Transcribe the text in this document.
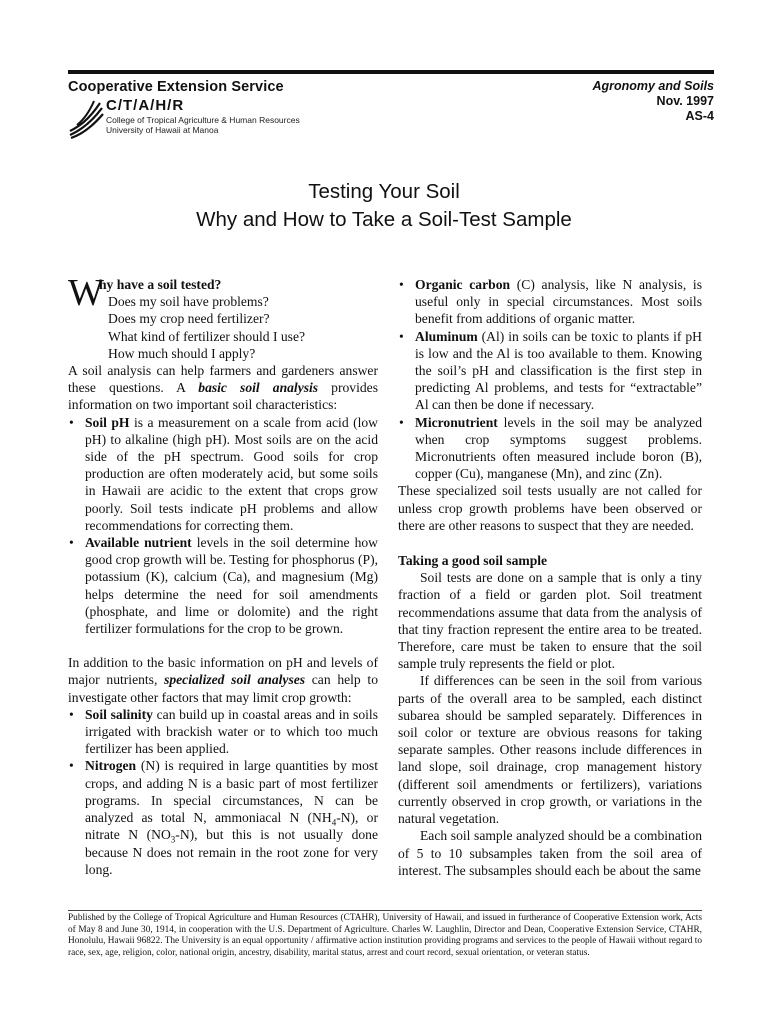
Cooperative Extension Service
C/T/A/H/R
College of Tropical Agriculture & Human Resources
University of Hawaii at Manoa
Agronomy and Soils
Nov. 1997
AS-4
Testing Your Soil
Why and How to Take a Soil-Test Sample
W
hy have a soil tested?
Does my soil have problems?
Does my crop need fertilizer?
What kind of fertilizer should I use?
How much should I apply?

A soil analysis can help farmers and gardeners answer these questions. A basic soil analysis provides information on two important soil characteristics:

• Soil pH is a measurement on a scale from acid (low pH) to alkaline (high pH). Most soils are on the acid side of the pH spectrum. Good soils for crop production are often moderately acid, but some soils in Hawaii are acidic to the extent that crops grow poorly. Soil tests indicate pH problems and allow recommendations for correcting them.
• Available nutrient levels in the soil determine how good crop growth will be. Testing for phosphorus (P), potassium (K), calcium (Ca), and magnesium (Mg) helps determine the need for soil amendments (phosphate, and lime or dolomite) and the right fertilizer formulations for the crop to be grown.

In addition to the basic information on pH and levels of major nutrients, specialized soil analyses can help to investigate other factors that may limit crop growth:

• Soil salinity can build up in coastal areas and in soils irrigated with brackish water or to which too much fertilizer has been applied.
• Nitrogen (N) is required in large quantities by most crops, and adding N is a basic part of most fertilizer programs. In special circumstances, N can be analyzed as total N, ammoniacal N $(NH_4-N)$, or nitrate N $(NO_3-N)$, but this is not usually done because N does not remain in the root zone for very long.
• Organic carbon (C) analysis, like N analysis, is useful only in special circumstances. Most soils benefit from additions of organic matter.
• Aluminum (Al) in soils can be toxic to plants if pH is low and the Al is too available to them. Knowing the soil’s pH and classification is the first step in predicting Al problems, and tests for “extractable” Al can then be done if necessary.
• Micronutrient levels in the soil may be analyzed when crop symptoms suggest problems. Micronutrients often measured include boron (B), copper (Cu), manganese (Mn), and zinc (Zn).

These specialized soil tests usually are not called for unless crop growth problems have been observed or there are other reasons to suspect that they are needed.

Taking a good soil sample

Soil tests are done on a sample that is only a tiny fraction of a field or garden plot. Soil treatment recommendations assume that data from the analysis of that tiny fraction represent the entire area to be treated. Therefore, care must be taken to ensure that the soil sample truly represents the field or plot.

If differences can be seen in the soil from various parts of the overall area to be sampled, each distinct subarea should be sampled separately. Differences in soil color or texture are obvious reasons for taking separate samples. Other reasons include differences in land slope, soil drainage, crop management history (different soil amendments or fertilizers), variations currently observed in crop growth, or variations in the natural vegetation.

Each soil sample analyzed should be a combination of 5 to 10 subsamples taken from the soil area of interest. The subsamples should each be about the same

Published by the College of Tropical Agriculture and Human Resources (CTAHR), University of Hawaii, and issued in furtherance of Cooperative Extension work, Acts of May 8 and June 30, 1914, in cooperation with the U.S. Department of Agriculture. Charles W. Laughlin, Director and Dean, Cooperative Extension Service, CTAHR, Honolulu, Hawaii 96822. The University is an equal opportunity / affirmative action institution providing programs and services to the people of Hawaii without regard to race, sex, age, religion, color, national origin, ancestry, disability, marital status, arrest and court record, sexual orientation, or veteran status.
